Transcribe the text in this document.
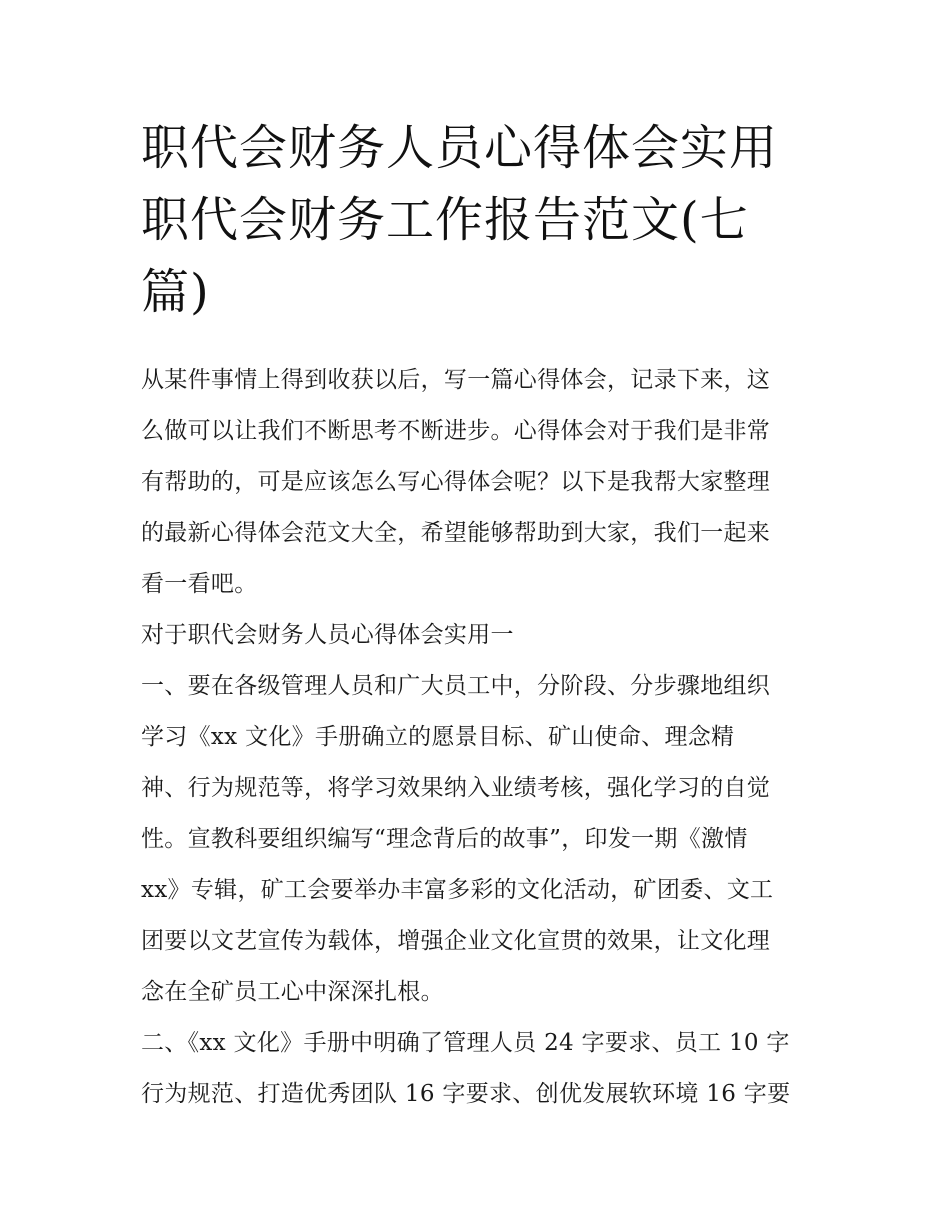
职代会财务人员心得体会实用
职代会财务工作报告范文(七
篇)
从某件事情上得到收获以后，写一篇心得体会，记录下来，这
么做可以让我们不断思考不断进步。心得体会对于我们是非常
有帮助的，可是应该怎么写心得体会呢？以下是我帮大家整理
的最新心得体会范文大全，希望能够帮助到大家，我们一起来
看一看吧。
对于职代会财务人员心得体会实用一
一、要在各级管理人员和广大员工中，分阶段、分步骤地组织
学习《xx 文化》手册确立的愿景目标、矿山使命、理念精
神、行为规范等，将学习效果纳入业绩考核，强化学习的自觉
性。宣教科要组织编写“理念背后的故事”，印发一期《激情
xx》专辑，矿工会要举办丰富多彩的文化活动，矿团委、文工
团要以文艺宣传为载体，增强企业文化宣贯的效果，让文化理
念在全矿员工心中深深扎根。
二、《xx 文化》手册中明确了管理人员 24 字要求、员工 10 字
行为规范、打造优秀团队 16 字要求、创优发展软环境 16 字要
